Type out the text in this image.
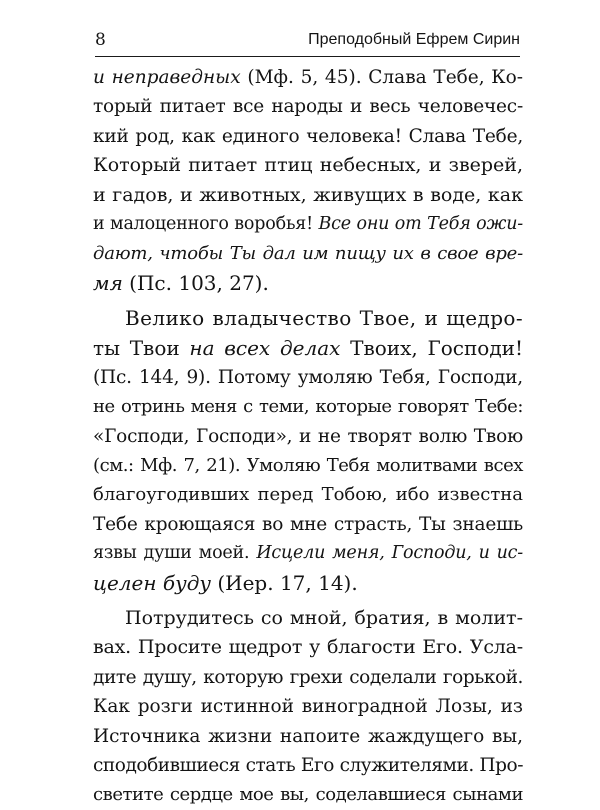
8	Преподобный Ефрем Сирин
и неправедных (Мф. 5, 45). Слава Тебе, Ко-
торый питает все народы и весь человечес-
кий род, как единого человека! Слава Тебе,
Который питает птиц небесных, и зверей,
и гадов, и животных, живущих в воде, как
и малоценного воробья! Все они от Тебя ожи-
дают, чтобы Ты дал им пищу их в свое вре-
мя (Пс. 103, 27).
Велико владычество Твое, и щедро-
ты Твои на всех делах Твоих, Господи!
(Пс. 144, 9). Потому умоляю Тебя, Господи,
не отринь меня с теми, которые говорят Тебе:
«Господи, Господи», и не творят волю Твою
(см.: Мф. 7, 21). Умоляю Тебя молитвами всех
благоугодивших перед Тобою, ибо известна
Тебе кроющаяся во мне страсть, Ты знаешь
язвы души моей. Исцели меня, Господи, и ис-
целен буду (Иер. 17, 14).
Потрудитесь со мной, братия, в молит-
вах. Просите щедрот у благости Его. Усла-
дите душу, которую грехи соделали горькой.
Как розги истинной виноградной Лозы, из
Источника жизни напоите жаждущего вы,
сподобившиеся стать Его служителями. Про-
светите сердце мое вы, соделавшиеся сынами
